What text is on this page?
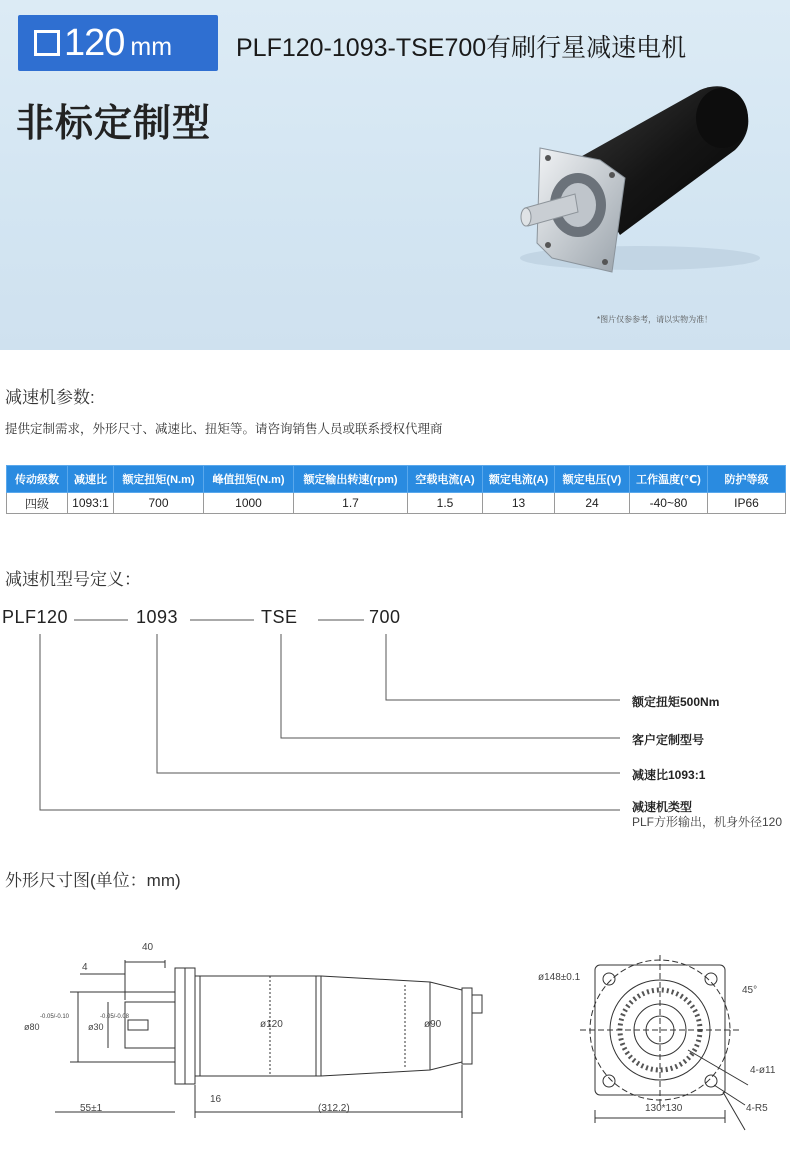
120 mm	PLF120-1093-TSE700有刷行星减速电机
非标定制型
*图片仅参参考，请以实物为准！
减速机参数:
提供定制需求，外形尺寸、减速比、扭矩等。请咨询销售人员或联系授权代理商
传动级数	减速比	额定扭矩(N.m)	峰值扭矩(N.m)	额定输出转速(rpm)	空载电流(A)	额定电流(A)	额定电压(V)	工作温度(℃)	防护等级
四级	1093:1	700	1000	1.7	1.5	13	24	-40~80	IP66
减速机型号定义：
PLF120	1093	TSE	700
额定扭矩500Nm
客户定制型号
减速比1093:1
减速机类型
PLF方形输出，机身外径120
外形尺寸图(单位：mm)
40
4
ø80
-0.05/-0.10
ø30
-0.05/-0.08
ø120	ø90
55±1
16
(312.2)
ø148±0.1
45°
4-ø11
130*130	4-R5
